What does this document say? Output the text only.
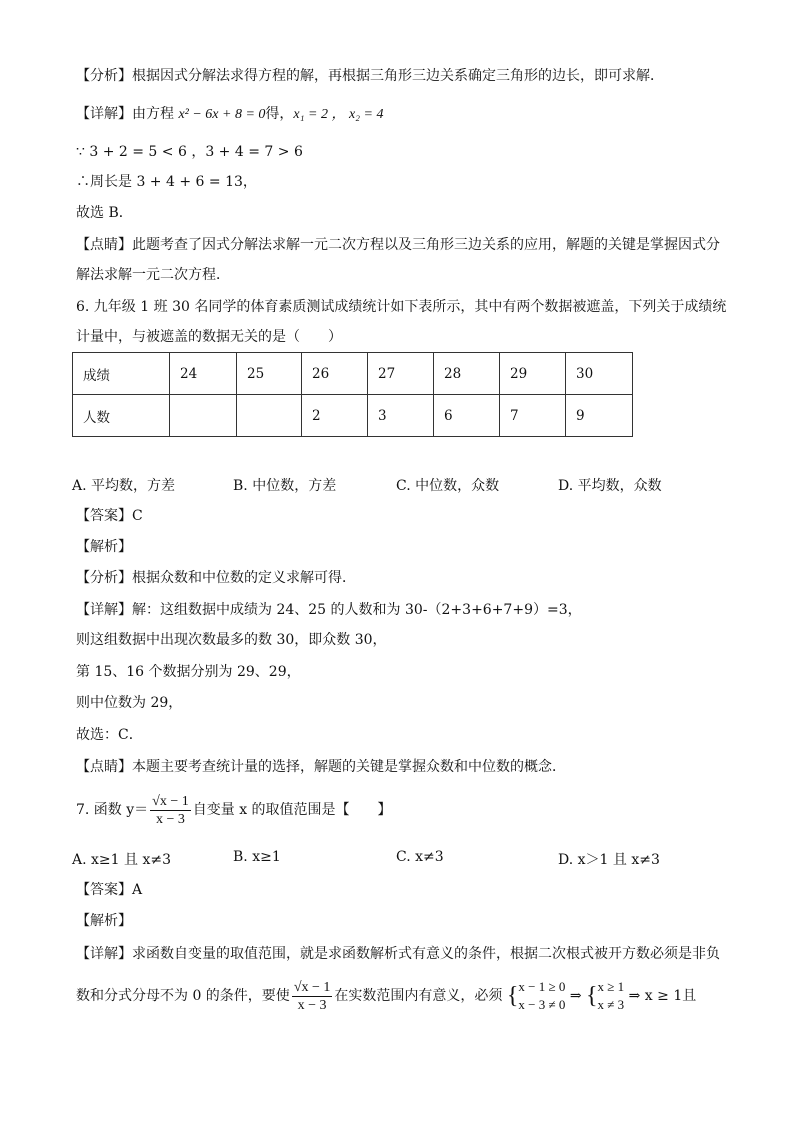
【分析】根据因式分解法求得方程的解，再根据三角形三边关系确定三角形的边长，即可求解．
【详解】由方程 x² − 6x + 8 = 0得，x₁ = 2 ， x₂ = 4
∵ 3 + 2 = 5 < 6 ，3 + 4 = 7 > 6
∴周长是 3 + 4 + 6 = 13，
故选 B．
【点睛】此题考查了因式分解法求解一元二次方程以及三角形三边关系的应用，解题的关键是掌握因式分
解法求解一元二次方程．
6. 九年级 1 班 30 名同学的体育素质测试成绩统计如下表所示，其中有两个数据被遮盖，下列关于成绩统
计量中，与被遮盖的数据无关的是（　　）
成绩	24	25	26	27	28	29	30
人数			2	3	6	7	9
A. 平均数，方差	B. 中位数，方差	C. 中位数，众数	D. 平均数，众数
【答案】C
【解析】
【分析】根据众数和中位数的定义求解可得．
【详解】解：这组数据中成绩为 24、25 的人数和为 30-（2+3+6+7+9）=3，
则这组数据中出现次数最多的数 30，即众数 30，
第 15、16 个数据分别为 29、29，
则中位数为 29，
故选：C．
【点睛】本题主要考查统计量的选择，解题的关键是掌握众数和中位数的概念．
7. 函数 $y= \frac{√x - 1}{x - 3}$ 自变量 x 的取值范围是【　　】
A. x≥1 且 x≠3	B. x≥1	C. x≠3	D. x＞1 且 x≠3
【答案】A
【解析】
【详解】求函数自变量的取值范围，就是求函数解析式有意义的条件，根据二次根式被开方数必须是非负
数和分式分母不为 0 的条件，要使 $\frac{√x - 1}{x - 3}$ 在实数范围内有意义，必须 {x − 1 ≥ 0
x − 3 ≠ 0 ⇒ {x ≥ 1
x ≠ 3 ⇒ x ≥ 1且
